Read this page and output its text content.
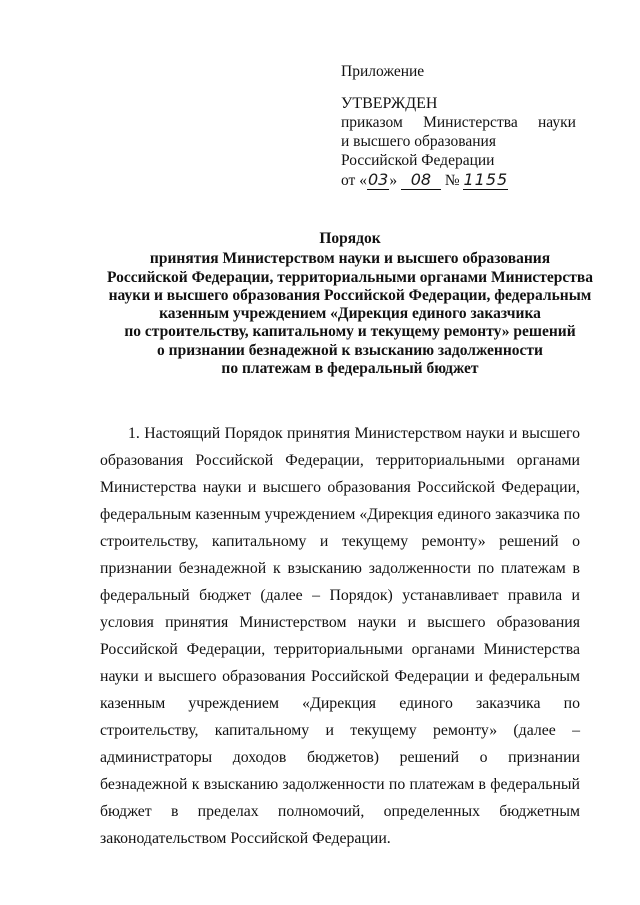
Приложение
УТВЕРЖДЕН
приказом Министерства науки
и высшего образования
Российской Федерации
от «03» 08 № 1155
Порядок
принятия Министерством науки и высшего образования
Российской Федерации, территориальными органами Министерства
науки и высшего образования Российской Федерации, федеральным
казенным учреждением «Дирекция единого заказчика
по строительству, капитальному и текущему ремонту» решений
о признании безнадежной к взысканию задолженности
по платежам в федеральный бюджет

1. Настоящий Порядок принятия Министерством науки и высшего образования Российской Федерации, территориальными органами Министерства науки и высшего образования Российской Федерации, федеральным казенным учреждением «Дирекция единого заказчика по строительству, капитальному и текущему ремонту» решений о признании безнадежной к взысканию задолженности по платежам в федеральный бюджет (далее – Порядок) устанавливает правила и условия принятия Министерством науки и высшего образования Российской Федерации, территориальными органами Министерства науки и высшего образования Российской Федерации и федеральным казенным учреждением «Дирекция единого заказчика по строительству, капитальному и текущему ремонту» (далее – администраторы доходов бюджетов) решений о признании безнадежной к взысканию задолженности по платежам в федеральный бюджет в пределах полномочий, определенных бюджетным законодательством Российской Федерации.
